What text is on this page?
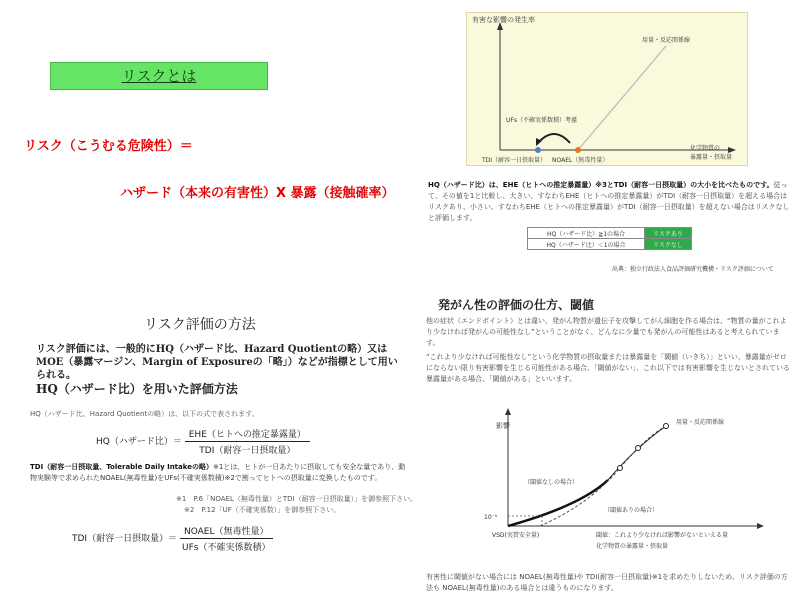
リスクとは
リスク（こうむる危険性）＝
ハザード（本来の有害性）X 暴露（接触確率）
リスク評価の方法
リスク評価には、一般的にHQ（ハザード比、Hazard Quotientの略）又はMOE（暴露マージン、Margin of Exposureの「略」）などが指標として用いられる。
HQ（ハザード比）を用いた評価方法
HQ（ハザード比、Hazard Quotientの略）は、以下の式で表されます。
HQ（ハザード比）＝ $\frac{\text{EHE（ヒトへの推定暴露量）}}{\text{TDI（耐容一日摂取量）}}$
TDI（耐容一日摂取量、Tolerable Daily Intakeの略）※1とは、ヒトが一日あたりに摂取しても安全な量であり、動物実験等で求められたNOAEL(無毒性量)をUFs(不確実係数積)※2で割ってヒトへの摂取量に変換したものです。
※1　P.6「NOAEL（無毒性量）とTDI（耐容一日摂取量）」を御参照下さい。
※2　P.12「UF（不確実係数）」を御参照下さい。
TDI（耐容一日摂取量）＝ $\frac{\text{NOAEL（無毒性量）}}{\text{UFs（不確実係数積）}}$
有害な影響の発生率
用量・反応関係線
UFs（不確実係数積）考慮
TDI（耐容一日摂取量） NOAEL（無毒性量）
化学物質の
暴露量・摂取量
HQ（ハザード比）は、EHE（ヒトへの推定暴露量）※3とTDI（耐容一日摂取量）の大小を比べたものです。従って、その値を1と比較し、大きい、すなわちEHE（ヒトへの推定暴露量）がTDI（耐容一日摂取量）を超える場合はリスクあり、小さい、すなわちEHE（ヒトへの推定暴露量）がTDI（耐容一日摂取量）を超えない場合はリスクなしと評価します。
HQ（ハザード比）≧1の場合	リスクあり
HQ（ハザード比）＜1の場合	リスクなし
出典：独立行政法人食品評価研究機構・リスク評価について
発がん性の評価の仕方、閾値
他の症状（エンドポイント）とは違い、発がん物質が遺伝子を攻撃してがん細胞を作る場合は、“物質の量がこれより少なければ発がんの可能性なし”ということがなく、どんなに少量でも発がんの可能性はあると考えられています。
“これより少なければ可能性なし”という化学物質の摂取量または暴露量を「閾値（いきち）」といい、暴露量がゼロにならない限り有害影響を生じる可能性がある場合、「閾値がない」、これ以下では有害影響を生じないとされている暴露量がある場合、「閾値がある」といいます。
影響	用量・反応関係線
（閾値なしの場合）
（閾値ありの場合）
10⁻⁵
VSD(実質安全量)	閾値：これより少なければ影響がないといえる量
化学物質の暴露量・摂取量
有害性に閾値がない場合には NOAEL(無毒性量)や TDI(耐容一日摂取量)※1を求めたりしないため、リスク評価の方法も NOAEL(無毒性量)のある場合とは違うものになります。
